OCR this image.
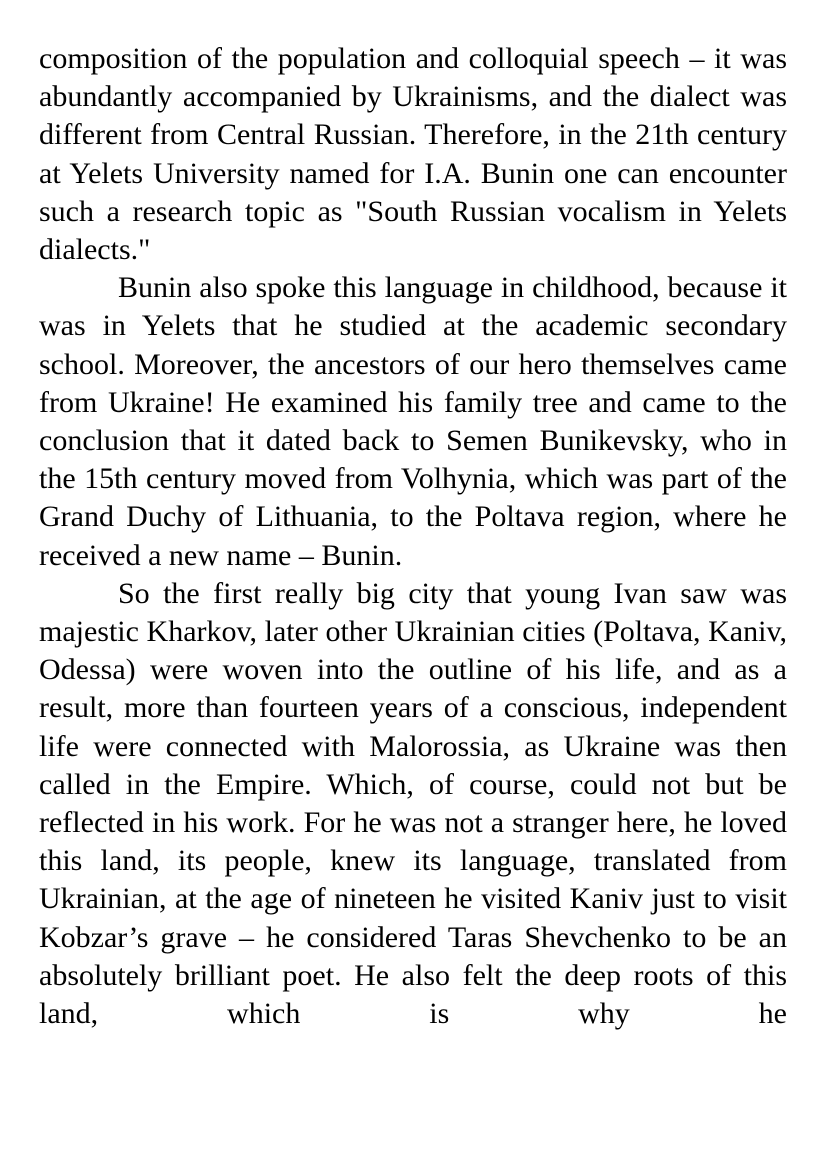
composition of the population and colloquial speech – it was abundantly accompanied by Ukrainisms, and the dialect was different from Central Russian. Therefore, in the 21th century at Yelets University named for I.A. Bunin one can encounter such a research topic as "South Russian vocalism in Yelets dialects."

Bunin also spoke this language in childhood, because it was in Yelets that he studied at the academic secondary school. Moreover, the ancestors of our hero themselves came from Ukraine! He examined his family tree and came to the conclusion that it dated back to Semen Bunikevsky, who in the 15th century moved from Volhynia, which was part of the Grand Duchy of Lithuania, to the Poltava region, where he received a new name – Bunin.

So the first really big city that young Ivan saw was majestic Kharkov, later other Ukrainian cities (Poltava, Kaniv, Odessa) were woven into the outline of his life, and as a result, more than fourteen years of a conscious, independent life were connected with Malorossia, as Ukraine was then called in the Empire. Which, of course, could not but be reflected in his work. For he was not a stranger here, he loved this land, its people, knew its language, translated from Ukrainian, at the age of nineteen he visited Kaniv just to visit Kobzar’s grave – he considered Taras Shevchenko to be an absolutely brilliant poet. He also felt the deep roots of this land, which is why he
